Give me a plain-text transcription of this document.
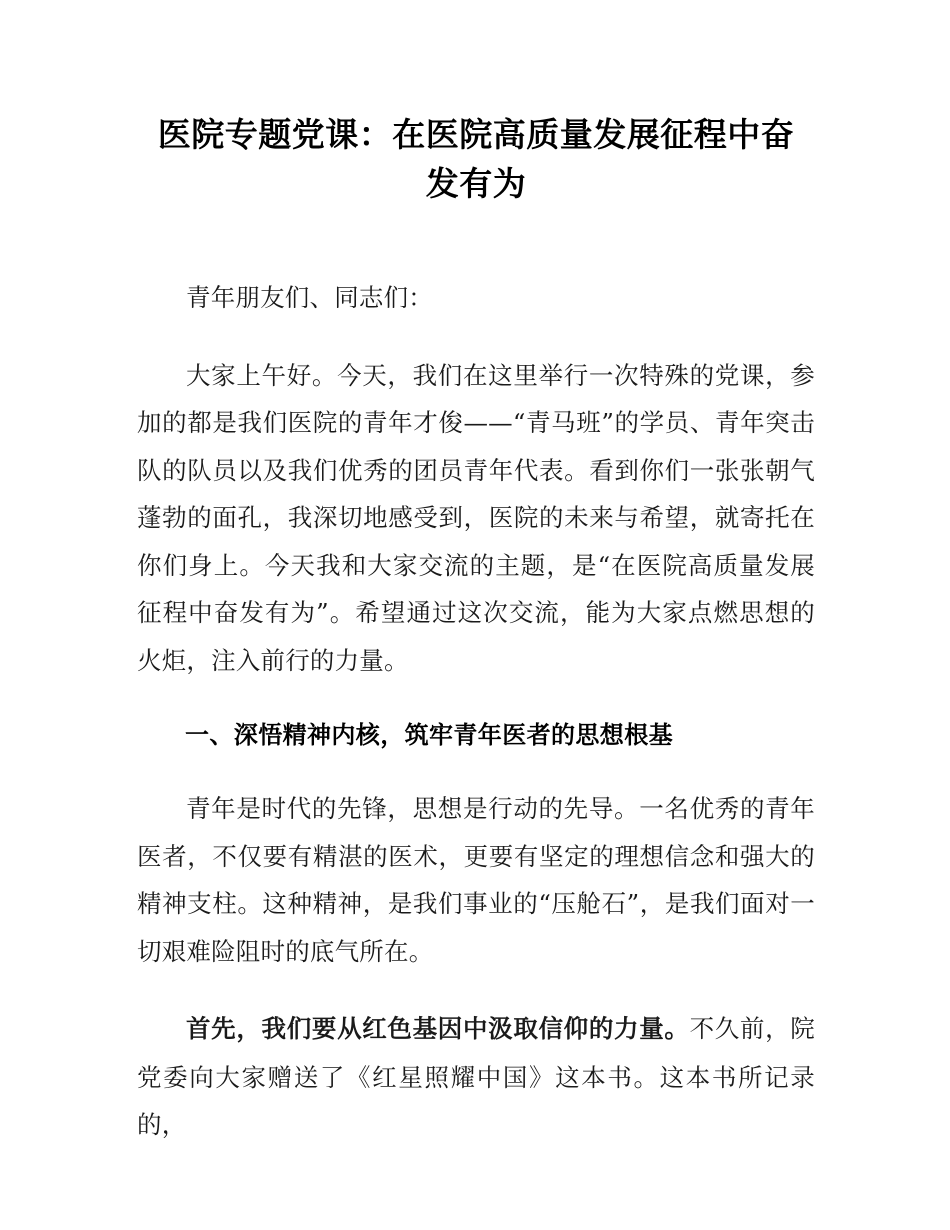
医院专题党课：在医院高质量发展征程中奋 发有为

青年朋友们、同志们：

大家上午好。今天，我们在这里举行一次特殊的党课，参加的都是我们医院的青年才俊——“青马班”的学员、青年突击队的队员以及我们优秀的团员青年代表。看到你们一张张朝气蓬勃的面孔，我深切地感受到，医院的未来与希望，就寄托在你们身上。今天我和大家交流的主题，是“在医院高质量发展征程中奋发有为”。希望通过这次交流，能为大家点燃思想的火炬，注入前行的力量。

一、深悟精神内核，筑牢青年医者的思想根基

青年是时代的先锋，思想是行动的先导。一名优秀的青年医者，不仅要有精湛的医术，更要有坚定的理想信念和强大的精神支柱。这种精神，是我们事业的“压舱石”，是我们面对一切艰难险阻时的底气所在。

首先，我们要从红色基因中汲取信仰的力量。不久前，院党委向大家赠送了《红星照耀中国》这本书。这本书所记录的，
